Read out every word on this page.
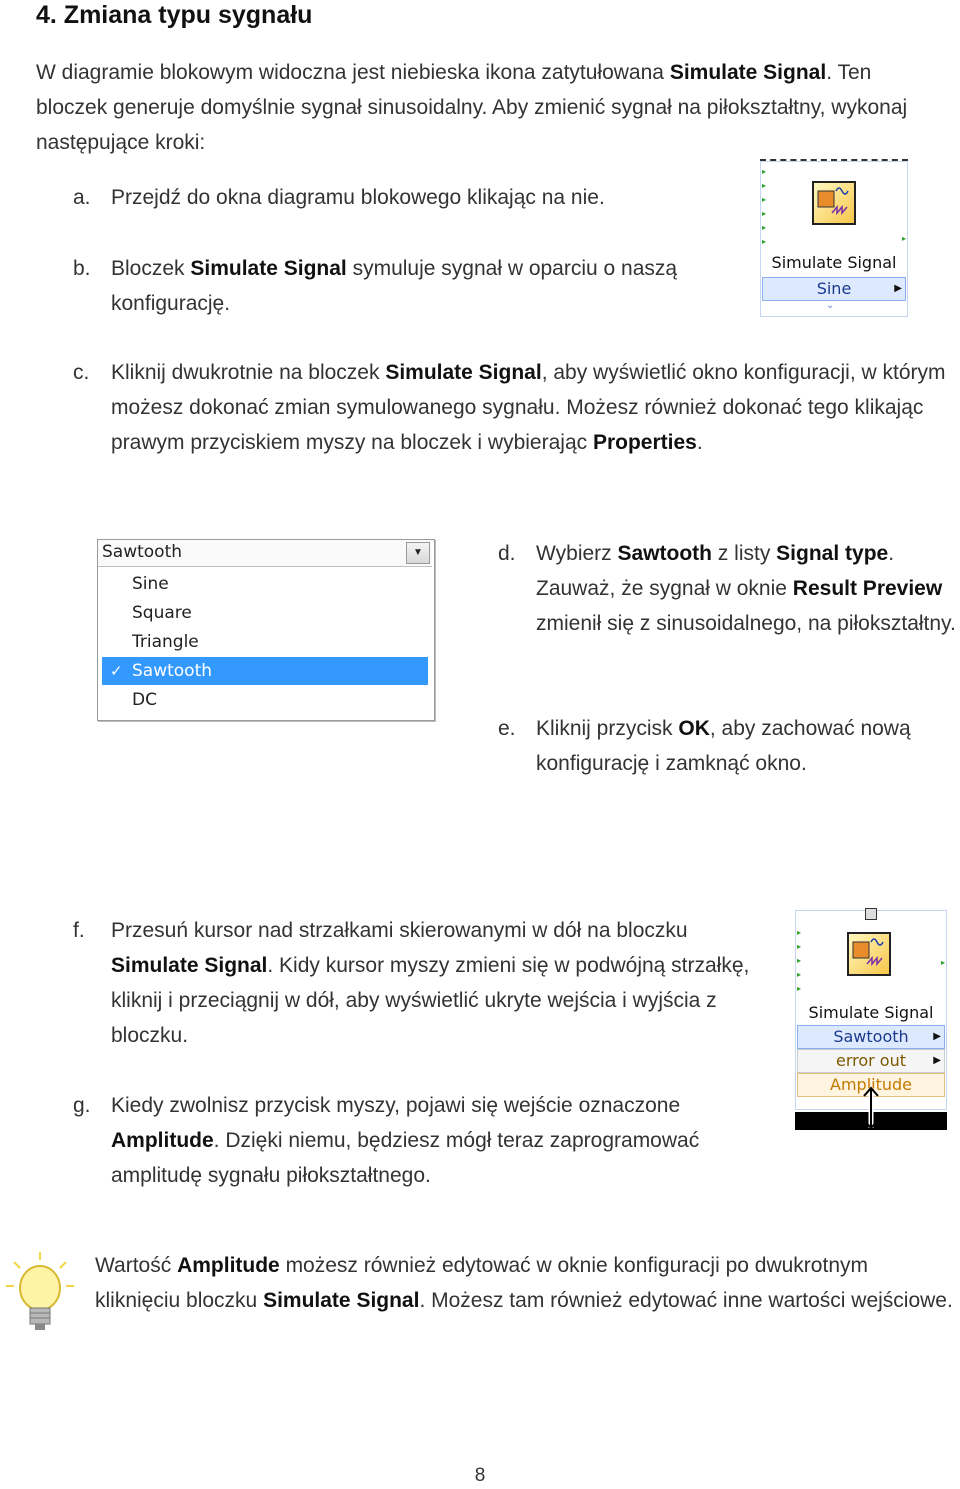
4. Zmiana typu sygnału
W diagramie blokowym widoczna jest niebieska ikona zatytułowana Simulate Signal. Ten bloczek generuje domyślnie sygnał sinusoidalny. Aby zmienić sygnał na piłokształtny, wykonaj następujące kroki:
a. Przejdź do okna diagramu blokowego klikając na nie.
b. Bloczek Simulate Signal symuluje sygnał w oparciu o naszą konfigurację.
▸
▸
▸
▸
▸
▸	▸
Simulate Signal
Sine	▶
⌄
c. Kliknij dwukrotnie na bloczek Simulate Signal, aby wyświetlić okno konfiguracji, w którym możesz dokonać zmian symulowanego sygnału. Możesz również dokonać tego klikając prawym przyciskiem myszy na bloczek i wybierając Properties.
Sawtooth	▼
Sine
Square
Triangle
✓ Sawtooth
DC
d. Wybierz Sawtooth z listy Signal type. Zauważ, że sygnał w oknie Result Preview zmienił się z sinusoidalnego, na piłokształtny.
e. Kliknij przycisk OK, aby zachować nową konfigurację i zamknąć okno.
f. Przesuń kursor nad strzałkami skierowanymi w dół na bloczku Simulate Signal. Kidy kursor myszy zmieni się w podwójną strzałkę, kliknij i przeciągnij w dół, aby wyświetlić ukryte wejścia i wyjścia z bloczku.
g. Kiedy zwolnisz przycisk myszy, pojawi się wejście oznaczone Amplitude. Dzięki niemu, będziesz mógł teraz zaprogramować amplitudę sygnału piłokształtnego.
▸
▸
▸
▸
▸
▸
Simulate Signal
Sawtooth ▶
error out	▶
Amplitude
Wartość Amplitude możesz również edytować w oknie konfiguracji po dwukrotnym kliknięciu bloczku Simulate Signal. Możesz tam również edytować inne wartości wejściowe.
8
